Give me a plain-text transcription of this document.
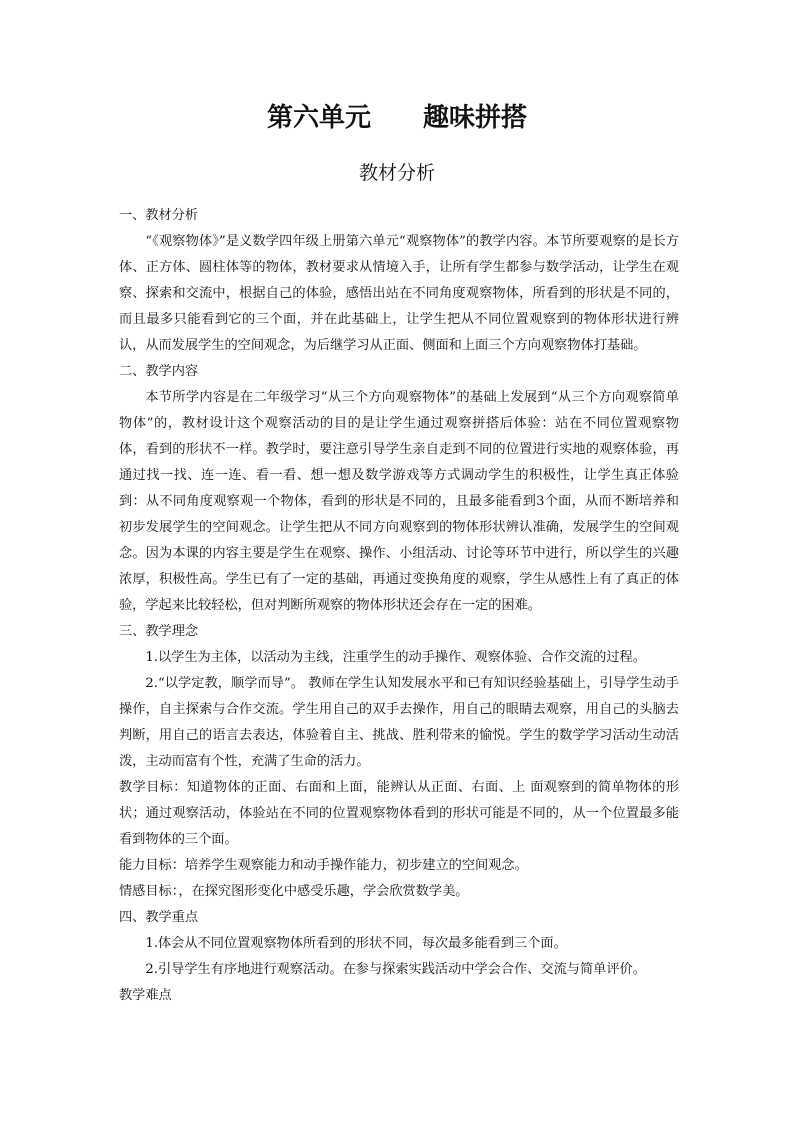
第六单元　　趣味拼搭
教材分析

一、教材分析

“《观察物体》”是义数学四年级上册第六单元“观察物体”的教学内容。本节所要观察的是长方体、正方体、圆柱体等的物体，教材要求从情境入手，让所有学生都参与数学活动，让学生在观察、探索和交流中，根据自己的体验，感悟出站在不同角度观察物体，所看到的形状是不同的，而且最多只能看到它的三个面，并在此基础上，让学生把从不同位置观察到的物体形状进行辨认，从而发展学生的空间观念，为后继学习从正面、侧面和上面三个方向观察物体打基础。

二、教学内容

本节所学内容是在二年级学习“从三个方向观察物体”的基础上发展到“从三个方向观察简单物体”的，教材设计这个观察活动的目的是让学生通过观察拼搭后体验：站在不同位置观察物体，看到的形状不一样。教学时，要注意引导学生亲自走到不同的位置进行实地的观察体验，再通过找一找、连一连、看一看、想一想及数学游戏等方式调动学生的积极性，让学生真正体验到：从不同角度观察观一个物体，看到的形状是不同的，且最多能看到3个面，从而不断培养和初步发展学生的空间观念。让学生把从不同方向观察到的物体形状辨认准确，发展学生的空间观念。因为本课的内容主要是学生在观察、操作、小组活动、讨论等环节中进行，所以学生的兴趣浓厚，积极性高。学生已有了一定的基础，再通过变换角度的观察，学生从感性上有了真正的体验，学起来比较轻松，但对判断所观察的物体形状还会存在一定的困难。

三、教学理念

1.以学生为主体，以活动为主线，注重学生的动手操作、观察体验、合作交流的过程。

2.“以学定教，顺学而导”。 教师在学生认知发展水平和已有知识经验基础上，引导学生动手操作，自主探索与合作交流。学生用自己的双手去操作，用自己的眼睛去观察，用自己的头脑去判断，用自己的语言去表达，体验着自主、挑战、胜利带来的愉悦。学生的数学学习活动生动活泼，主动而富有个性，充满了生命的活力。

教学目标：知道物体的正面、右面和上面，能辨认从正面、右面、上 面观察到的简单物体的形状；通过观察活动，体验站在不同的位置观察物体看到的形状可能是不同的，从一个位置最多能看到物体的三个面。

能力目标：培养学生观察能力和动手操作能力，初步建立的空间观念。

情感目标：，在探究图形变化中感受乐趣，学会欣赏数学美。

四、教学重点

1.体会从不同位置观察物体所看到的形状不同，每次最多能看到三个面。

2.引导学生有序地进行观察活动。在参与探索实践活动中学会合作、交流与简单评价。

教学难点
